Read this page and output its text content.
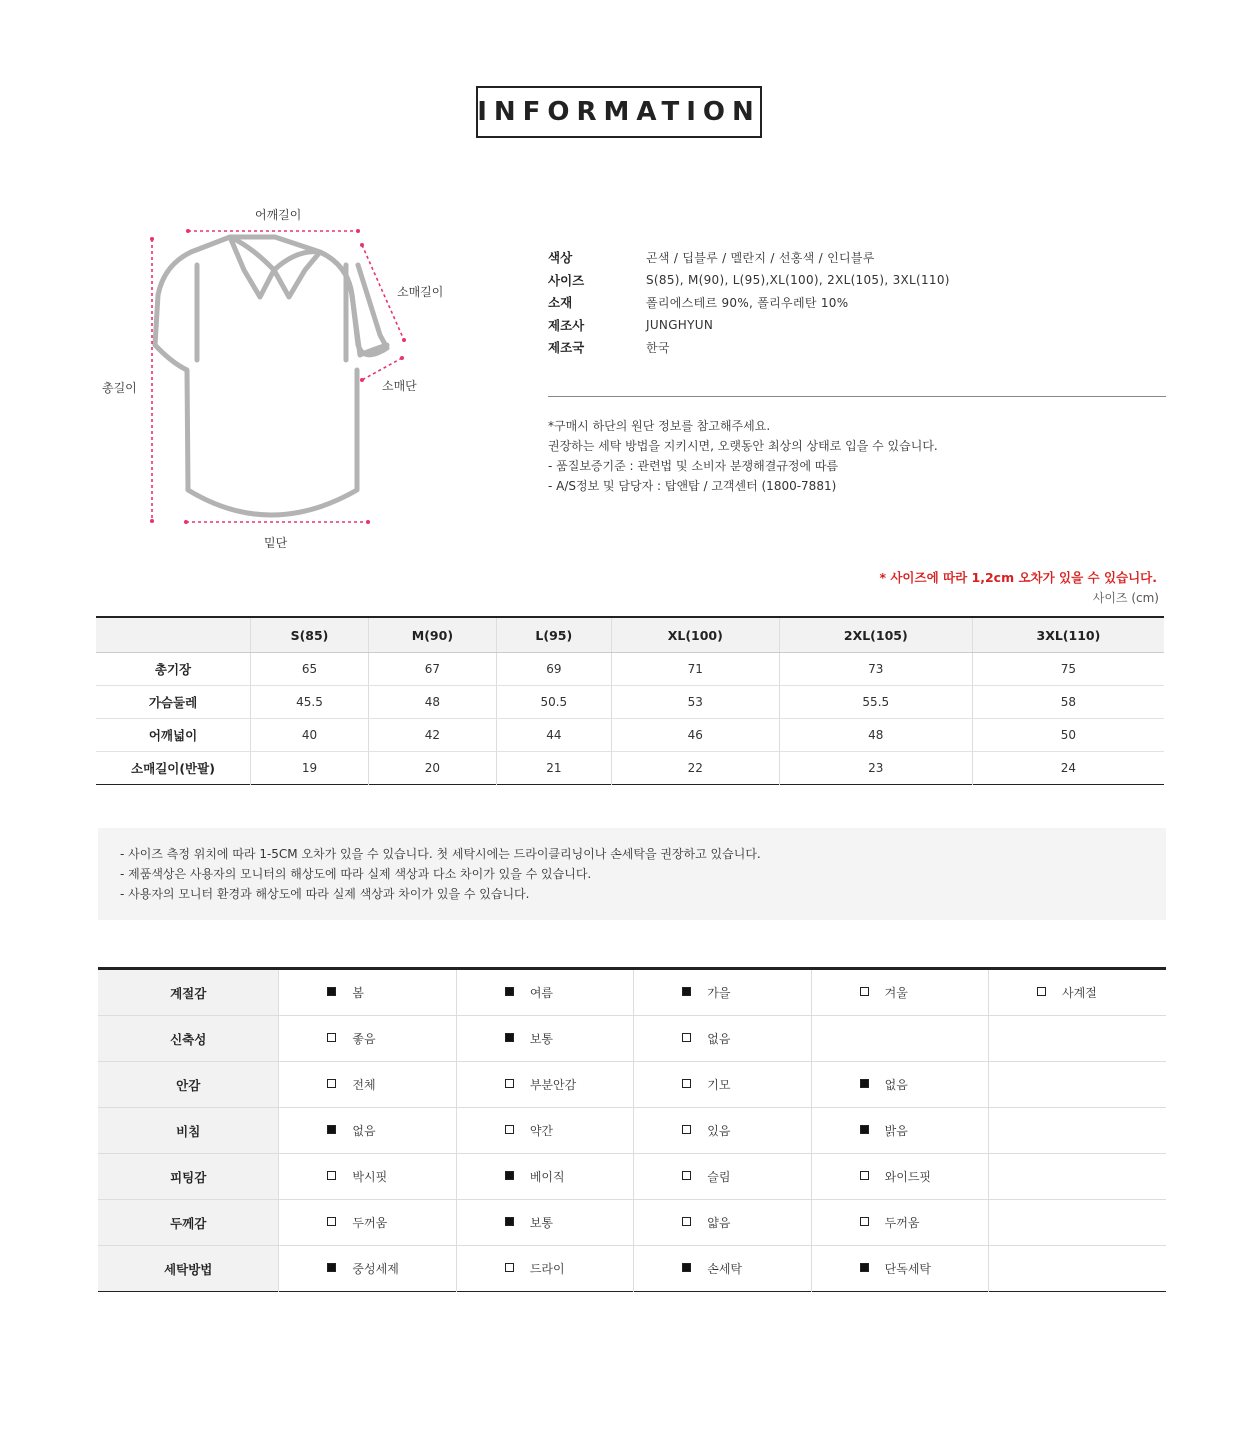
INFORMATION
어깨길이
소매길이
소매단
총길이
밑단
색상	곤색 / 딥블루 / 멜란지 / 선홍색 / 인디블루
사이즈	S(85), M(90), L(95),XL(100), 2XL(105), 3XL(110)
소재	폴리에스테르 90%, 폴리우레탄 10%
제조사	JUNGHYUN
제조국	한국
*구매시 하단의 원단 정보를 참고해주세요.
권장하는 세탁 방법을 지키시면, 오랫동안 최상의 상태로 입을 수 있습니다.
- 품질보증기준 : 관련법 및 소비자 분쟁해결규정에 따름
- A/S정보 및 담당자 : 탑앤탑 / 고객센터 (1800-7881)
* 사이즈에 따라 1,2cm 오차가 있을 수 있습니다.
사이즈 (cm)
	S(85)	M(90)	L(95)	XL(100)	2XL(105)	3XL(110)
총기장	65	67	69	71	73	75
가슴둘레	45.5	48	50.5	53	55.5	58
어깨넓이	40	42	44	46	48	50
소매길이(반팔)	19	20	21	22	23	24
- 사이즈 측정 위치에 따라 1-5CM 오차가 있을 수 있습니다. 첫 세탁시에는 드라이클리닝이나 손세탁을 권장하고 있습니다.
- 제품색상은 사용자의 모니터의 해상도에 따라 실제 색상과 다소 차이가 있을 수 있습니다.
- 사용자의 모니터 환경과 해상도에 따라 실제 색상과 차이가 있을 수 있습니다.
계절감	봄	여름	가을	겨울	사계절
신축성	좋음	보통	없음		
안감	전체	부분안감	기모	없음	
비침	없음	약간	있음	밝음	
피팅감	박시핏	베이직	슬림	와이드핏	
두께감	두꺼움	보통	얇음	두꺼움	
세탁방법	중성세제	드라이	손세탁	단독세탁	
